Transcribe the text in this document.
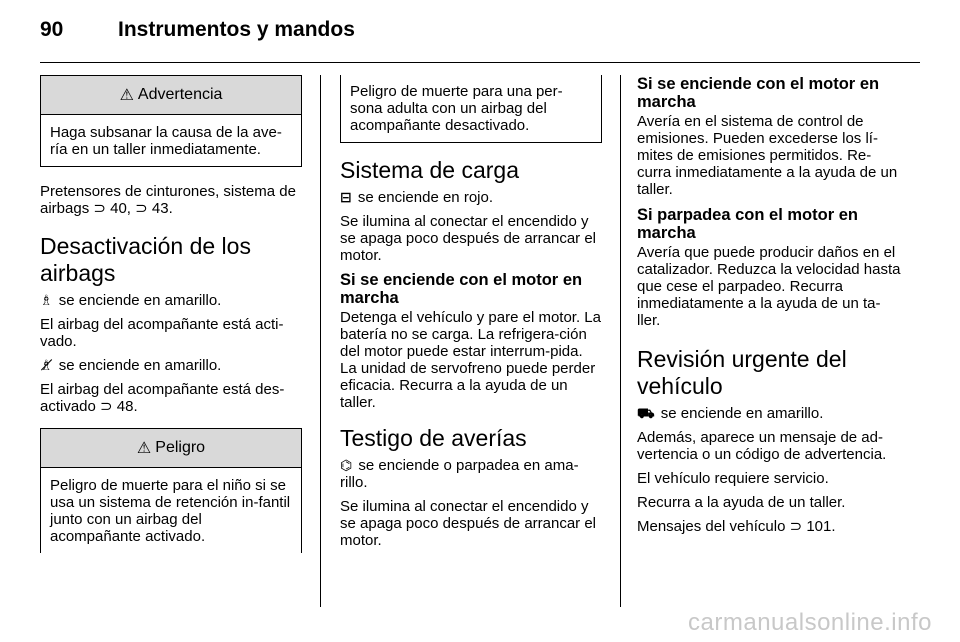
90	Instrumentos y mandos
⚠ Advertencia
Haga subsanar la causa de la ave-ría en un taller inmediatamente.

Pretensores de cinturones, sistema de airbags ⊃ 40, ⊃ 43.

Desactivación de los airbags

♗ se enciende en amarillo.

El airbag del acompañante está acti-vado.

♗̸ se enciende en amarillo.

El airbag del acompañante está des-activado ⊃ 48.

⚠ Peligro
Peligro de muerte para el niño si se usa un sistema de retención in-fantil junto con un airbag del acompañante activado.
Peligro de muerte para una per-sona adulta con un airbag del acompañante desactivado.
Sistema de carga

⊟ se enciende en rojo.

Se ilumina al conectar el encendido y se apaga poco después de arrancar el motor.

Si se enciende con el motor en marcha

Detenga el vehículo y pare el motor. La batería no se carga. La refrigera-ción del motor puede estar interrum-pida. La unidad de servofreno puede perder eficacia. Recurra a la ayuda de un taller.

Testigo de averías

⌬ se enciende o parpadea en ama-rillo.

Se ilumina al conectar el encendido y se apaga poco después de arrancar el motor.

Si se enciende con el motor en marcha

Avería en el sistema de control de emisiones. Pueden excederse los lí-mites de emisiones permitidos. Re-curra inmediatamente a la ayuda de un taller.

Si parpadea con el motor en marcha

Avería que puede producir daños en el catalizador. Reduzca la velocidad hasta que cese el parpadeo. Recurra inmediatamente a la ayuda de un ta-ller.

Revisión urgente del vehículo

⛟ se enciende en amarillo.

Además, aparece un mensaje de ad-vertencia o un código de advertencia.

El vehículo requiere servicio.

Recurra a la ayuda de un taller.

Mensajes del vehículo ⊃ 101.

carmanualsonline.info
